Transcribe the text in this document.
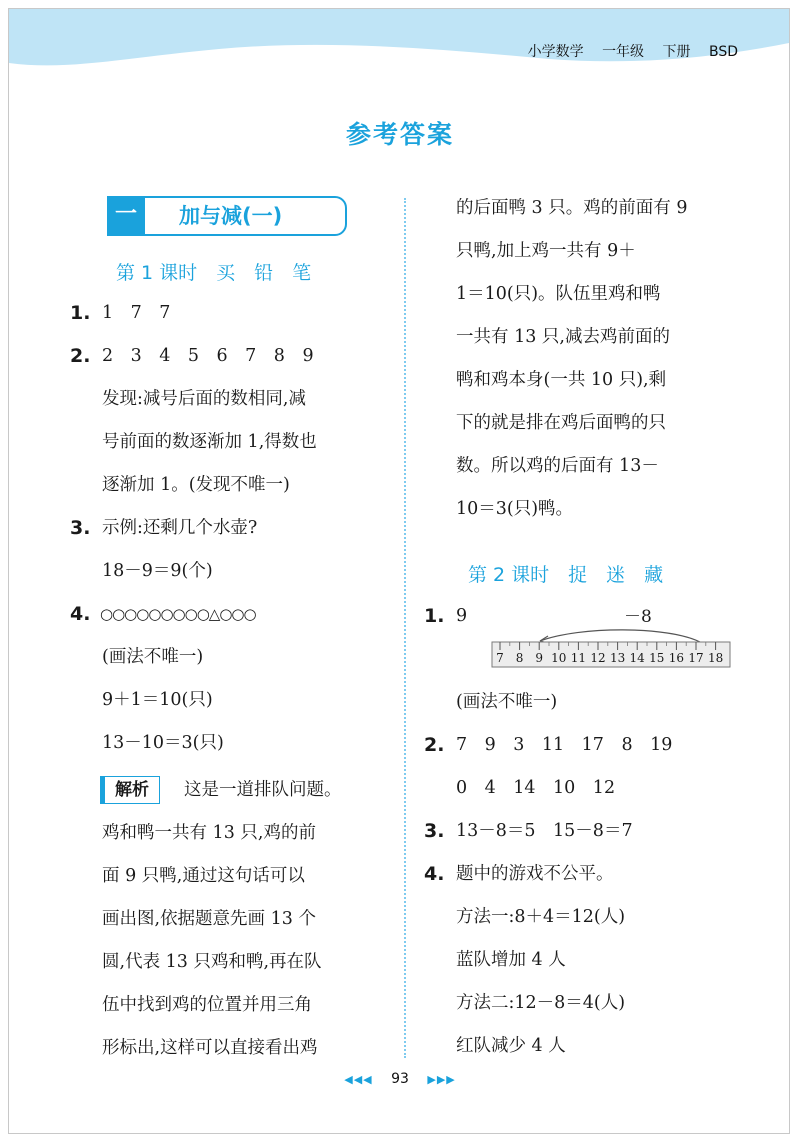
小学数学 一年级 下册 BSD
参考答案
一	加与减(一)
第 1 课时　买　铅　笔
1. 1　7　7
2. 2　3　4　5　6　7　8　9
发现:减号后面的数相同,减
号前面的数逐渐加 1,得数也
逐渐加 1。(发现不唯一)
3. 示例:还剩几个水壶?
18－9＝9(个)
4. ○○○○○○○○○△○○○
(画法不唯一)
9＋1＝10(只)
13－10＝3(只)
解析	这是一道排队问题。
鸡和鸭一共有 13 只,鸡的前
面 9 只鸭,通过这句话可以
画出图,依据题意先画 13 个
圆,代表 13 只鸡和鸭,再在队
伍中找到鸡的位置并用三角
形标出,这样可以直接看出鸡
的后面鸭 3 只。鸡的前面有 9
只鸭,加上鸡一共有 9＋
1＝10(只)。队伍里鸡和鸭
一共有 13 只,减去鸡前面的
鸭和鸡本身(一共 10 只),剩
下的就是排在鸡后面鸭的只
数。所以鸡的后面有 13－
10＝3(只)鸭。
第 2 课时　捉　迷　藏
1. 9	－8
7 8 9 10 11 12 13 14 15 16 17 18
(画法不唯一)
2. 7　9　3　11　17　8　19
0　4　14　10　12
3. 13－8＝5　15－8＝7
4. 题中的游戏不公平。
方法一:8＋4＝12(人)
蓝队增加 4 人
方法二:12－8＝4(人)
红队减少 4 人
◀◀◀ 93 ▶▶▶
